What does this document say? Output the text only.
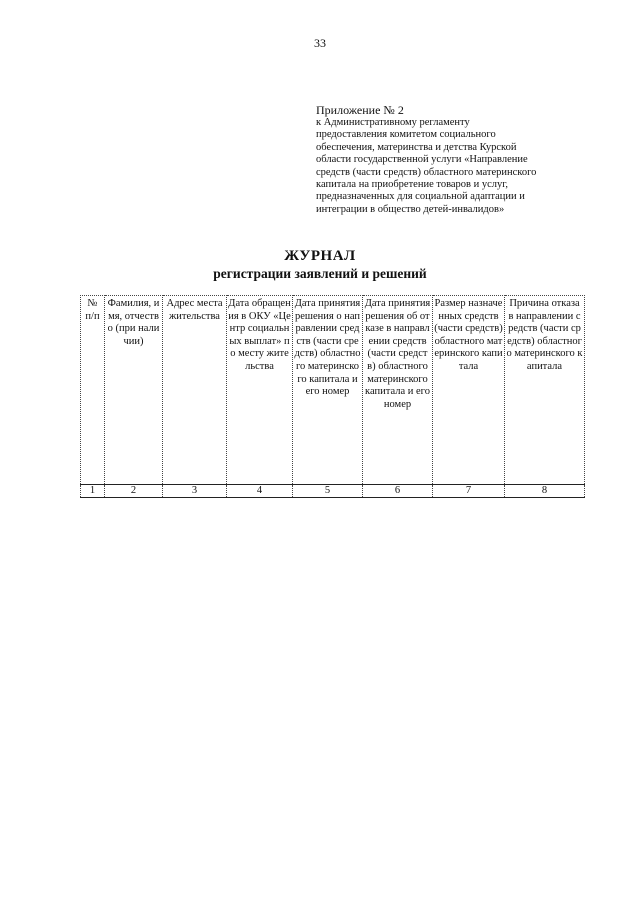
33
Приложение № 2
к Административному регламенту
предоставления комитетом социального
обеспечения, материнства и детства Курской
области государственной услуги «Направление
средств (части средств) областного материнского
капитала на приобретение товаров и услуг,
предназначенных для социальной адаптации и
интеграции в общество детей-инвалидов»
ЖУРНАЛ
регистрации заявлений и решений
№ п/п	Фамилия, имя, отчество (при наличии)	Адрес места жительства	Дата обращения в ОКУ «Центр социальных выплат» по месту жительства	Дата принятия решения о направлении средств (части средств) областного материнского капитала и его номер	Дата принятия решения об отказе в направлении средств (части средств) областного материнского капитала и его номер	Размер назначенных средств (части средств) областного материнского капитала	Причина отказа в направлении средств (части средств) областного материнского капитала
1	2	3	4	5	6	7	8
